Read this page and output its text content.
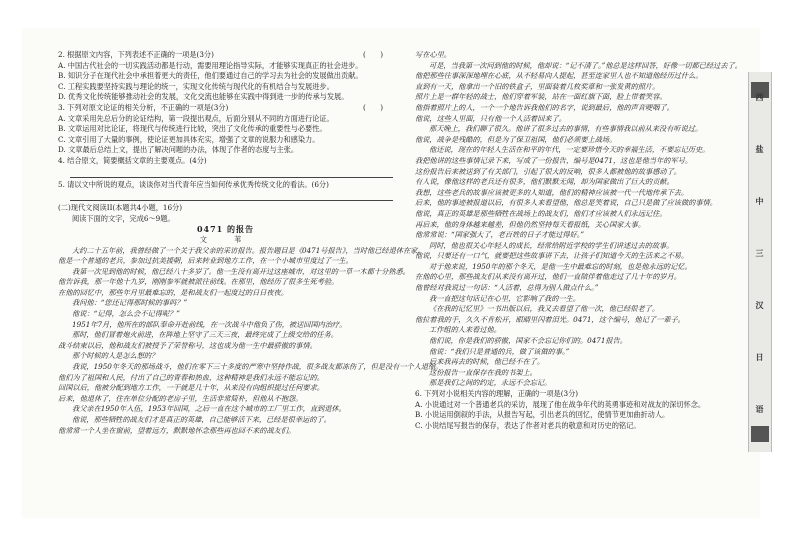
(　　)
2. 根据原文内容，下列表述不正确的一项是(3分)
A. 中国古代社会的一切实践活动都是行动，需要用理论指导实际，才能够实现真正的社会进步。
B. 知识分子在现代社会中承担着更大的责任，他们要通过自己的学习去为社会的发展做出贡献。
C. 工程实践要坚持实践与理论的统一，实现文化传统与现代化的有机结合与发展进步。
D. 优秀文化传统能够推动社会的发展，文化交流也能够在实践中得到进一步的传承与发展。
(　　)
3. 下列对原文论证的相关分析，不正确的一项是(3分)
A. 文章采用先总后分的论证结构，第一段提出观点，后面分别从不同的方面进行论证。
B. 文章运用对比论证，将现代与传统进行比较，突出了文化传承的重要性与必要性。
C. 文章引用了大量的事例，使论证更加具体充实，增强了文章的说服力和感染力。
D. 文章最后总结上文，提出了解决问题的办法，体现了作者的态度与主张。
4. 结合原文，简要概括文章的主要观点。(4分)
5. 请以文中所说的观点，谈谈你对当代青年应当如何传承优秀传统文化的看法。(6分)
(二)现代文阅读II(本题共4小题，16分)
阅读下面的文字，完成6～9题。
0471 的报告
文　苇
大约二十五年前，我曾经做了一个关于我父亲的采访报告。报告题目是《0471号报告》，当时他已经退休在家。
他是一个普通的老兵，参加过抗美援朝，后来转业到地方工作，在一个小城市里度过了一生。
我第一次见到他的时候，他已经八十多岁了。他一生没有离开过这座城市，对这里的一草一木都十分熟悉。
他告诉我，那一年他十九岁，刚刚参军就被派往前线。在那里，他经历了很多生死考验。
在他的回忆中，那些年月里最难忘的，是和战友们一起度过的日日夜夜。
我问他：“您还记得那时候的事吗？”
他说：“记得，怎么会不记得呢？”
1951年7月，他所在的部队奉命开赴前线，在一次战斗中他负了伤，被送回国内治疗。
那时，他们冒着炮火前进，在阵地上坚守了三天三夜，最终完成了上级交给的任务。
战斗结束以后，他和战友们被授予了荣誉称号，这也成为他一生中最骄傲的事情。
那个时候的人是怎么想的？
我说，1950年冬天的那场战斗，他们在零下三十多度的严寒中坚持作战，很多战友都冻伤了，但是没有一个人退缩。
他们为了祖国和人民，付出了自己的青春和热血，这种精神是我们永远不能忘记的。
回国以后，他被分配到地方工作，一干就是几十年，从来没有向组织提过任何要求。
后来，他退休了，住在单位分配的老房子里，生活非常简朴，但他从不抱怨。
我父亲在1950年入伍，1953年回国，之后一直在这个城市的工厂里工作，直到退休。
他说，那些牺牲的战友们才是真正的英雄，自己能够活下来，已经是很幸运的了。
他常常一个人坐在窗前，望着远方，默默地怀念那些再也回不来的战友们。
写在心里。
可是，当我第一次问到他的时候，他却说：“记不清了。”他总是这样回答，好像一切都已经过去了。
他把那些往事深深地埋在心底，从不轻易向人提起，甚至连家里人也不知道他经历过什么。
直到有一天，他拿出一个旧的铁盒子，里面装着几枚奖章和一张发黄的照片。
照片上是一群年轻的战士，他们穿着军装，站在一面红旗下面，脸上带着笑容。
他指着照片上的人，一个一个地告诉我他们的名字，说到最后，他的声音哽咽了。
他说，这些人里面，只有他一个人活着回来了。
那天晚上，我们聊了很久。他讲了很多过去的事情，有些事情我以前从来没有听说过。
他说，战争是残酷的，但是为了保卫祖国，他们必须要上战场。
他还说，现在的年轻人生活在和平的年代，一定要珍惜今天的幸福生活，不要忘记历史。
我把他讲的这些事情记录下来，写成了一份报告，编号是0471，这也是他当年的军号。
这份报告后来被送到了有关部门，引起了很大的反响，很多人都被他的故事感动了。
有人说，像他这样的老兵还有很多，他们默默无闻，却为国家做出了巨大的贡献。
我想，这些老兵的故事应该被更多的人知道，他们的精神应该被一代一代地传承下去。
后来，他的事迹被报道以后，有很多人来看望他，他总是笑着说，自己只是做了应该做的事情。
他说，真正的英雄是那些牺牲在战场上的战友们，他们才应该被人们永远记住。
再后来，他的身体越来越差，但他仍然坚持每天看报纸，关心国家大事。
他常常说：“国家强大了，老百姓的日子才能过得好。”
同时，他也很关心年轻人的成长，经常给附近学校的学生们讲述过去的故事。
他说，只要还有一口气，就要把这些故事讲下去，让孩子们知道今天的生活来之不易。
对于他来说，1950年的那个冬天，是他一生中最难忘的时刻，也是他永远的记忆。
在他的心里，那些战友们从来没有离开过，他们一直陪伴着他走过了几十年的岁月。
他曾经对我说过一句话：“人活着，总得为别人做点什么。”
我一直把这句话记在心里，它影响了我的一生。
《在我的记忆里》一书出版以后，我又去看望了他一次，他已经很老了。
他拉着我的手，久久不肯松开，眼睛里闪着泪光。0471，这个编号，他记了一辈子。
工作组的人来看过他。
他们说，你是我们的骄傲，国家不会忘记你们的。0471报告。
他说：“我们只是普通的兵，做了该做的事。”
后来我再去的时候，他已经不在了。
这份报告一直保存在我的书架上。
那是我们之间的约定，永远不会忘记。
6. 下列对小说相关内容的理解，正确的一项是(3分)
A. 小说通过对一个普通老兵的采访，展现了他在战争年代的英勇事迹和对战友的深切怀念。
B. 小说运用倒叙的手法，从报告写起，引出老兵的回忆，使情节更加曲折动人。
C. 小说结尾写报告的保存，表达了作者对老兵的敬意和对历史的铭记。	西　盐　中　三　汉　日　语
